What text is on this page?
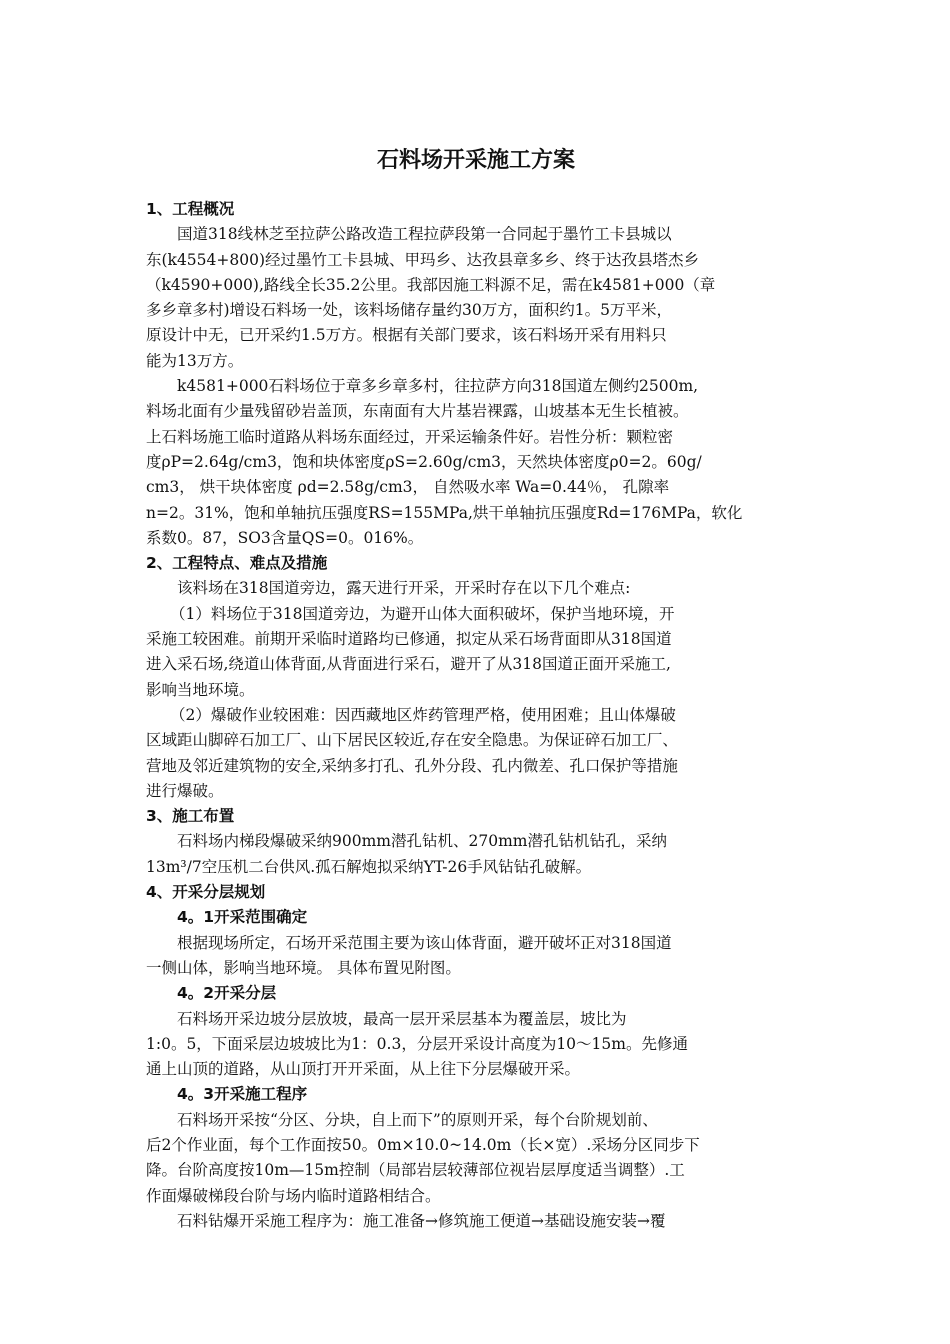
石料场开采施工方案
1、工程概况
国道318线林芝至拉萨公路改造工程拉萨段第一合同起于墨竹工卡县城以
东(k4554+800)经过墨竹工卡县城、甲玛乡、达孜县章多乡、终于达孜县塔杰乡
（k4590+000),路线全长35.2公里。我部因施工料源不足，需在k4581+000（章
多乡章多村)增设石料场一处，该料场储存量约30万方，面积约1。5万平米，
原设计中无，已开采约1.5万方。根据有关部门要求，该石料场开采有用料只
能为13万方。
k4581+000石料场位于章多乡章多村，往拉萨方向318国道左侧约2500m,
料场北面有少量残留砂岩盖顶，东南面有大片基岩裸露，山坡基本无生长植被。
上石料场施工临时道路从料场东面经过，开采运输条件好。岩性分析：颗粒密
度ρP=2.64g/cm3，饱和块体密度ρS=2.60g/cm3，天然块体密度ρ0=2。60g/
cm3， 烘干块体密度 ρd=2.58g/cm3， 自然吸水率 Wa=0.44％， 孔隙率
n=2。31%，饱和单轴抗压强度RS=155MPa,烘干单轴抗压强度Rd=176MPa，软化
系数0。87，SO3含量QS=0。016%。
2、工程特点、难点及措施
该料场在318国道旁边，露天进行开采，开采时存在以下几个难点:
（1）料场位于318国道旁边，为避开山体大面积破坏，保护当地环境，开
采施工较困难。前期开采临时道路均已修通，拟定从采石场背面即从318国道
进入采石场,绕道山体背面,从背面进行采石，避开了从318国道正面开采施工,
影响当地环境。
（2）爆破作业较困难：因西藏地区炸药管理严格，使用困难；且山体爆破
区域距山脚碎石加工厂、山下居民区较近,存在安全隐患。为保证碎石加工厂、
营地及邻近建筑物的安全,采纳多打孔、孔外分段、孔内微差、孔口保护等措施
进行爆破。
3、施工布置
石料场内梯段爆破采纳900mm潜孔钻机、270mm潜孔钻机钻孔，采纳
13m³/7空压机二台供风.孤石解炮拟采纳YT-26手风钻钻孔破解。
4、开采分层规划
4。1开采范围确定
根据现场所定，石场开采范围主要为该山体背面，避开破坏正对318国道
一侧山体，影响当地环境。 具体布置见附图。
4。2开采分层
石料场开采边坡分层放坡，最高一层开采层基本为覆盖层，坡比为
1:0。5，下面采层边坡坡比为1：0.3，分层开采设计高度为10～15m。先修通
通上山顶的道路，从山顶打开开采面，从上往下分层爆破开采。
4。3开采施工程序
石料场开采按“分区、分块，自上而下”的原则开采，每个台阶规划前、
后2个作业面，每个工作面按50。0m×10.0~14.0m（长×宽）.采场分区同步下
降。台阶高度按10m—15m控制（局部岩层较薄部位视岩层厚度适当调整）.工
作面爆破梯段台阶与场内临时道路相结合。
石料钻爆开采施工程序为：施工准备→修筑施工便道→基础设施安装→覆
